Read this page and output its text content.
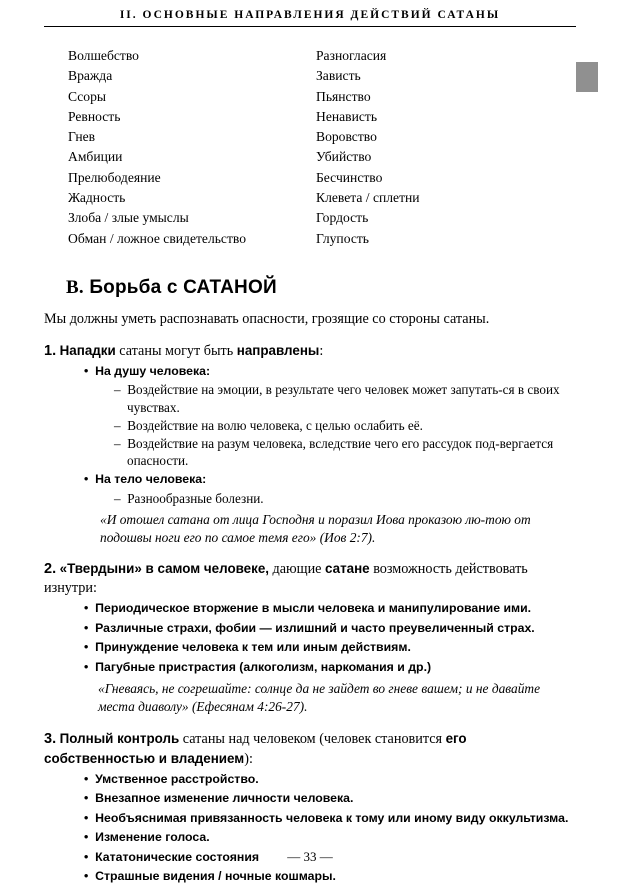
II. ОСНОВНЫЕ НАПРАВЛЕНИЯ ДЕЙСТВИЙ САТАНЫ
Волшебство
Вражда
Ссоры
Ревность
Гнев
Амбиции
Прелюбодеяние
Жадность
Злоба / злые умыслы
Обман / ложное свидетельство
Разногласия
Зависть
Пьянство
Ненависть
Воровство
Убийство
Бесчинство
Клевета / сплетни
Гордость
Глупость
В. Борьба с САТАНОЙ

Мы должны уметь распознавать опасности, грозящие со стороны сатаны.

1. Нападки сатаны могут быть направлены:
•  На душу человека:
–  Воздействие на эмоции, в результате чего человек может запутать-ся в своих чувствах.
–  Воздействие на волю человека, с целью ослабить её.
–  Воздействие на разум человека, вследствие чего его рассудок под-вергается опасности.
•  На тело человека:
–  Разнообразные болезни.
«И отошел сатана от лица Господня и поразил Иова проказою лю-тою от подошвы ноги его по самое темя его» (Иов 2:7).
2. «Твердыни» в самом человеке, дающие сатане возможность действовать изнутри:
•  Периодическое вторжение в мысли человека и манипулирование ими.
•  Различные страхи, фобии — излишний и часто преувеличенный страх.
•  Принуждение человека к тем или иным действиям.
•  Пагубные пристрастия (алкоголизм, наркомания и др.)
«Гневаясь, не согрешайте: солнце да не зайдет во гневе вашем; и не давайте места диаволу» (Ефесянам 4:26-27).
3. Полный контроль сатаны над человеком (человек становится его собственностью и владением):
•  Умственное расстройство.
•  Внезапное изменение личности человека.
•  Необъяснимая привязанность человека к тому или иному виду оккультизма.
•  Изменение голоса.
•  Кататонические состояния
•  Страшные видения / ночные кошмары.
— 33 —
